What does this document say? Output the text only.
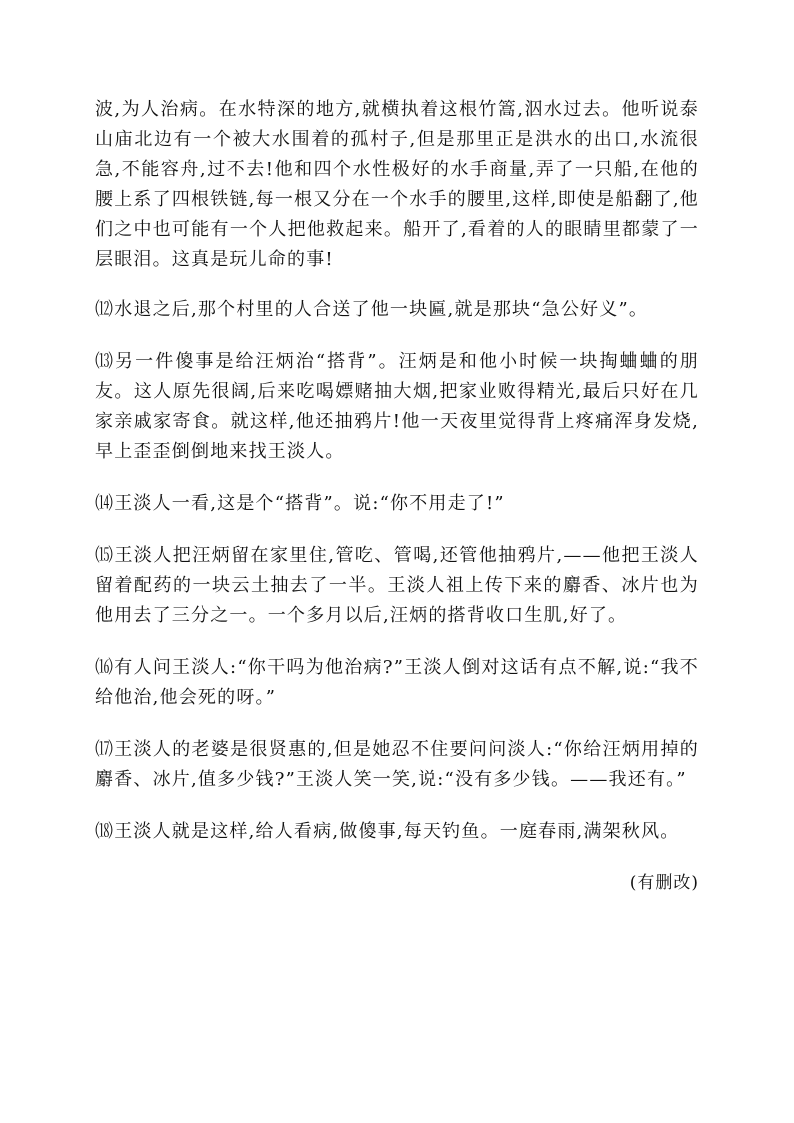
波,为人治病。在水特深的地方,就横执着这根竹篙,泅水过去。他听说泰山庙北边有一个被大水围着的孤村子,但是那里正是洪水的出口,水流很急,不能容舟,过不去!他和四个水性极好的水手商量,弄了一只船,在他的腰上系了四根铁链,每一根又分在一个水手的腰里,这样,即使是船翻了,他们之中也可能有一个人把他救起来。船开了,看着的人的眼睛里都蒙了一层眼泪。这真是玩儿命的事!

⑿水退之后,那个村里的人合送了他一块匾,就是那块“急公好义”。

⒀另一件傻事是给汪炳治“搭背”。汪炳是和他小时候一块掏蛐蛐的朋友。这人原先很阔,后来吃喝嫖赌抽大烟,把家业败得精光,最后只好在几家亲戚家寄食。就这样,他还抽鸦片!他一天夜里觉得背上疼痛浑身发烧,早上歪歪倒倒地来找王淡人。

⒁王淡人一看,这是个“搭背”。说:“你不用走了!”

⒂王淡人把汪炳留在家里住,管吃、管喝,还管他抽鸦片,——他把王淡人留着配药的一块云土抽去了一半。王淡人祖上传下来的麝香、冰片也为他用去了三分之一。一个多月以后,汪炳的搭背收口生肌,好了。

⒃有人问王淡人:“你干吗为他治病?”王淡人倒对这话有点不解,说:“我不给他治,他会死的呀。”

⒄王淡人的老婆是很贤惠的,但是她忍不住要问问淡人:“你给汪炳用掉的麝香、冰片,值多少钱?”王淡人笑一笑,说:“没有多少钱。——我还有。”

⒅王淡人就是这样,给人看病,做傻事,每天钓鱼。一庭春雨,满架秋风。

(有删改)
